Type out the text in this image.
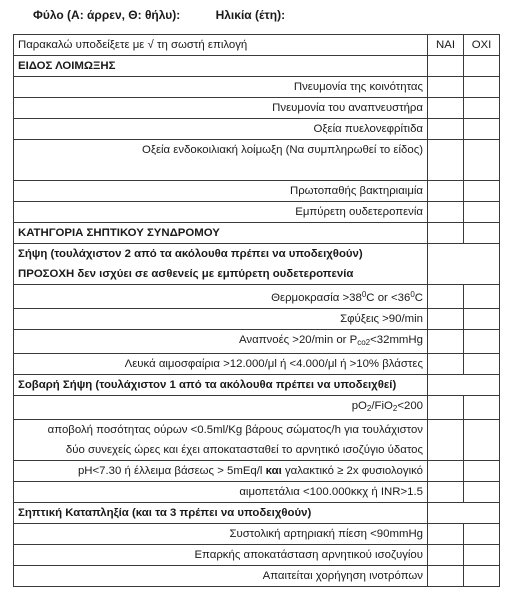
Φύλο (Α: άρρεν, Θ: θήλυ):	Ηλικία (έτη):
Παρακαλώ υποδείξετε με √ τη σωστή επιλογή	ΝΑΙ	ΟΧΙ
ΕΙΔΟΣ ΛΟΙΜΩΞΗΣ		
Πνευμονία της κοινότητας		
Πνευμονία του αναπνευστήρα		
Οξεία πυελονεφρίτιδα		
Οξεία ενδοκοιλιακή λοίμωξη (Να συμπληρωθεί το είδος)		
Πρωτοπαθής βακτηριαιμία		
Εμπύρετη ουδετεροπενία		
ΚΑΤΗΓΟΡΙΑ ΣΗΠΤΙΚΟΥ ΣΥΝΔΡΟΜΟΥ		

Σήψη (τουλάχιστον 2 από τα ακόλουθα πρέπει να υποδειχθούν)
ΠΡΟΣΟΧΗ δεν ισχύει σε ασθενείς με εμπύρετη ουδετεροπενία		

$\Theta\varepsilon\rho\mu o\kappa\rho\alpha\sigma ί\alpha >38^0C$ or $<36^0C$		
Σφύξεις >90/min		
Αναπνοές >20/min or $P_{co2}<32mmHg$		
Λευκά αιμοσφαίρια >12.000/μl ή <4.000/μl ή >10% βλάστες		
Σοβαρή Σήψη (τουλάχιστον 1 από τα ακόλουθα πρέπει να υποδειχθεί)		
$pO_2/FiO_2<200$		

αποβολή ποσότητας ούρων <0.5ml/Kg βάρους σώματος/h για τουλάχιστον
δύο συνεχείς ώρες και έχει αποκατασταθεί το αρνητικό ισοζύγιο ύδατος		

pH<7.30 ή έλλειμα βάσεως > 5mEq/l και γαλακτικό ≥ 2x φυσιολογικό		
αιμοπετάλια <100.000κκχ ή INR>1.5		
Σηπτική Καταπληξία (και τα 3 πρέπει να υποδειχθούν)		
Συστολική αρτηριακή πίεση <90mmHg		
Επαρκής αποκατάσταση αρνητικού ισοζυγίου		
Απαιτείται χορήγηση ινοτρόπων		
